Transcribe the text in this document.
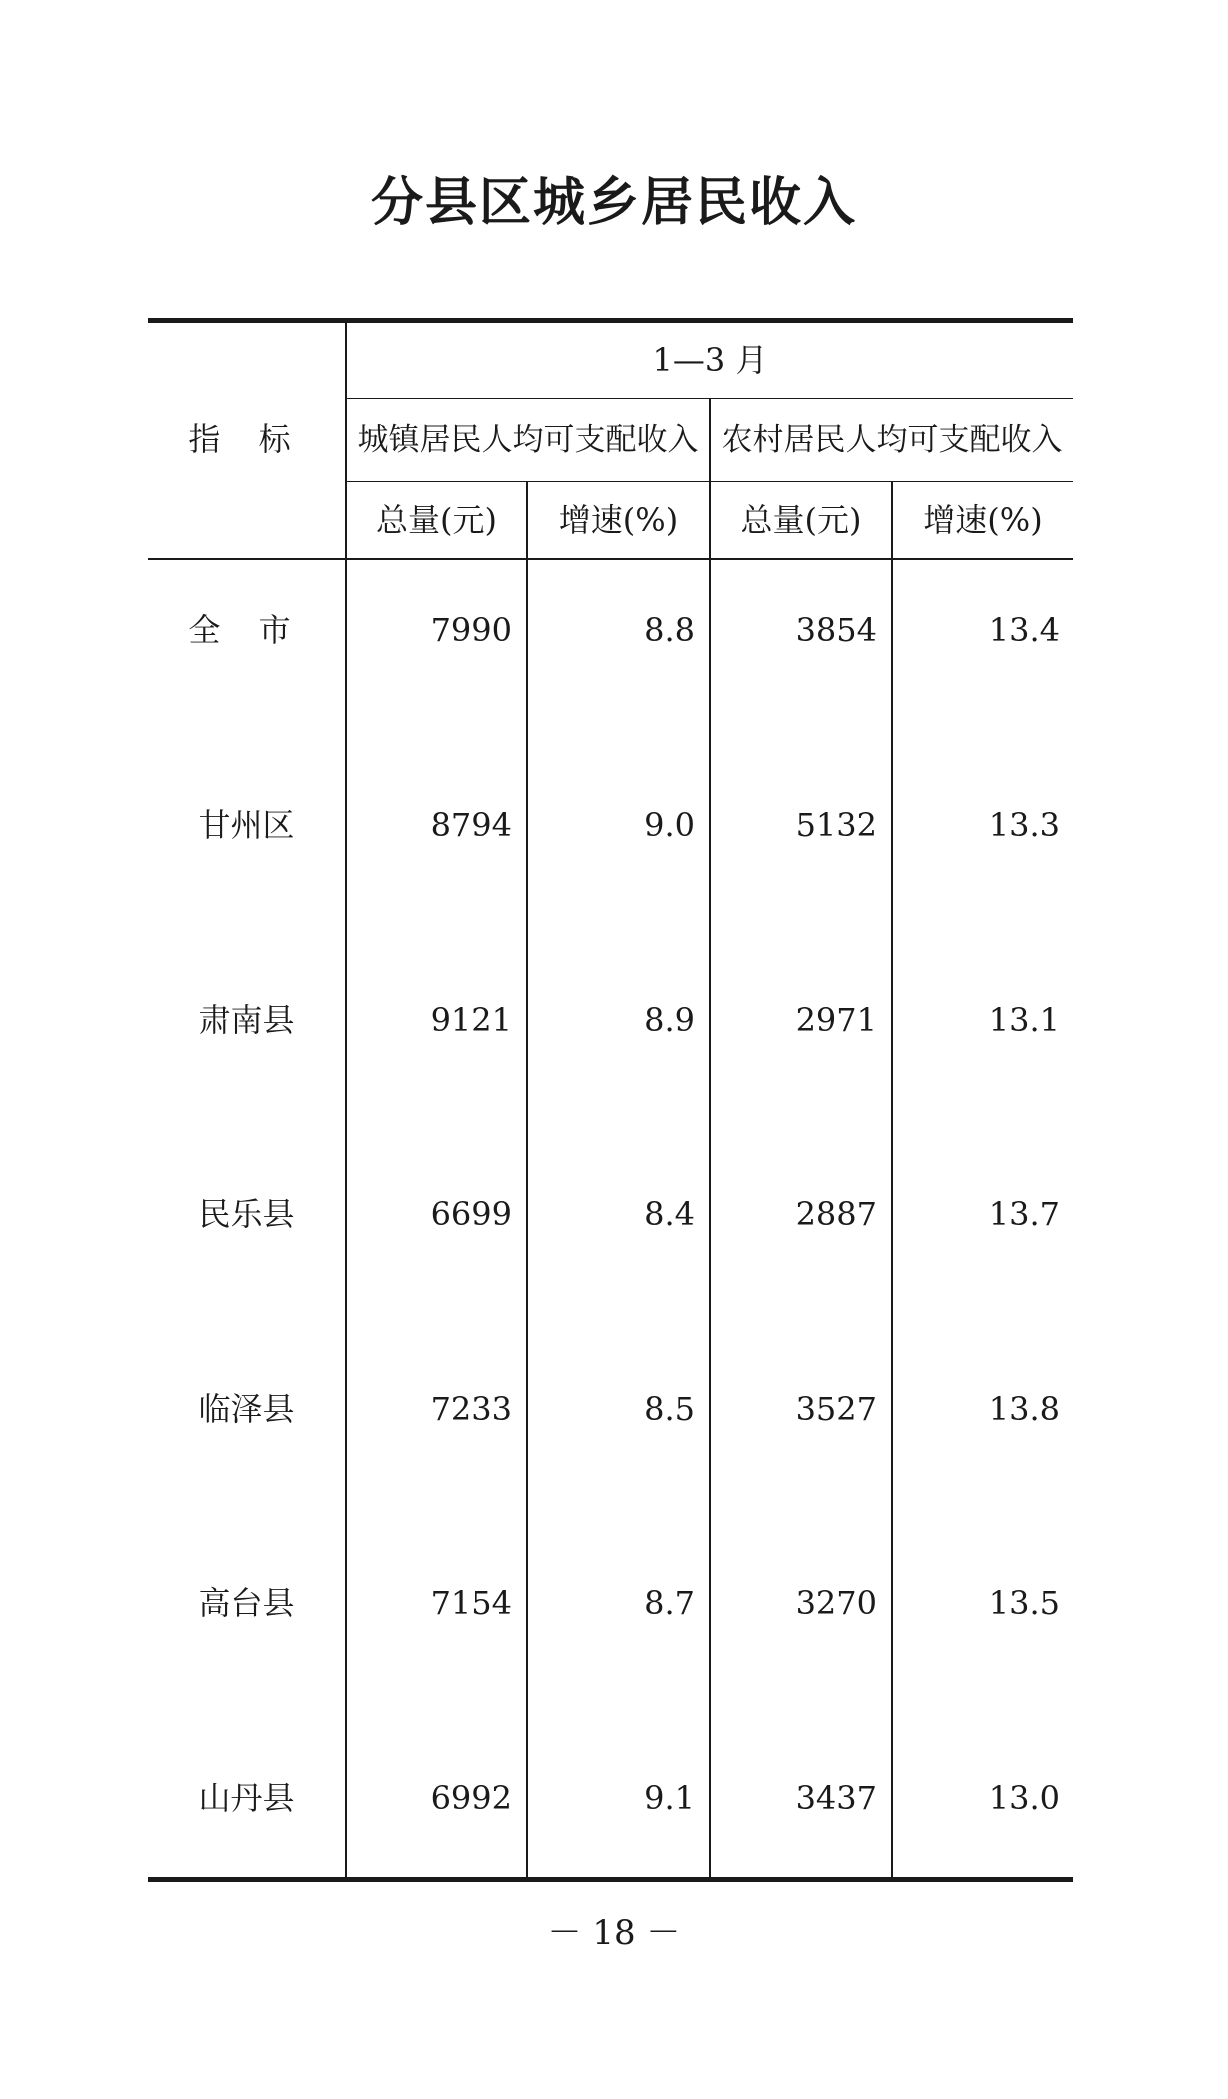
分县区城乡居民收入
指 标
1—3 月
城镇居民人均可支配收入 农村居民人均可支配收入
总量(元)	增速(%)	总量(元)	增速(%)
全 市	7990	8.8	3854	13.4
甘州区	8794	9.0	5132	13.3
肃南县	9121	8.9	2971	13.1
民乐县	6699	8.4	2887	13.7
临泽县	7233	8.5	3527	13.8
高台县	7154	8.7	3270	13.5
山丹县	6992	9.1	3437	13.0
－ 18 －
